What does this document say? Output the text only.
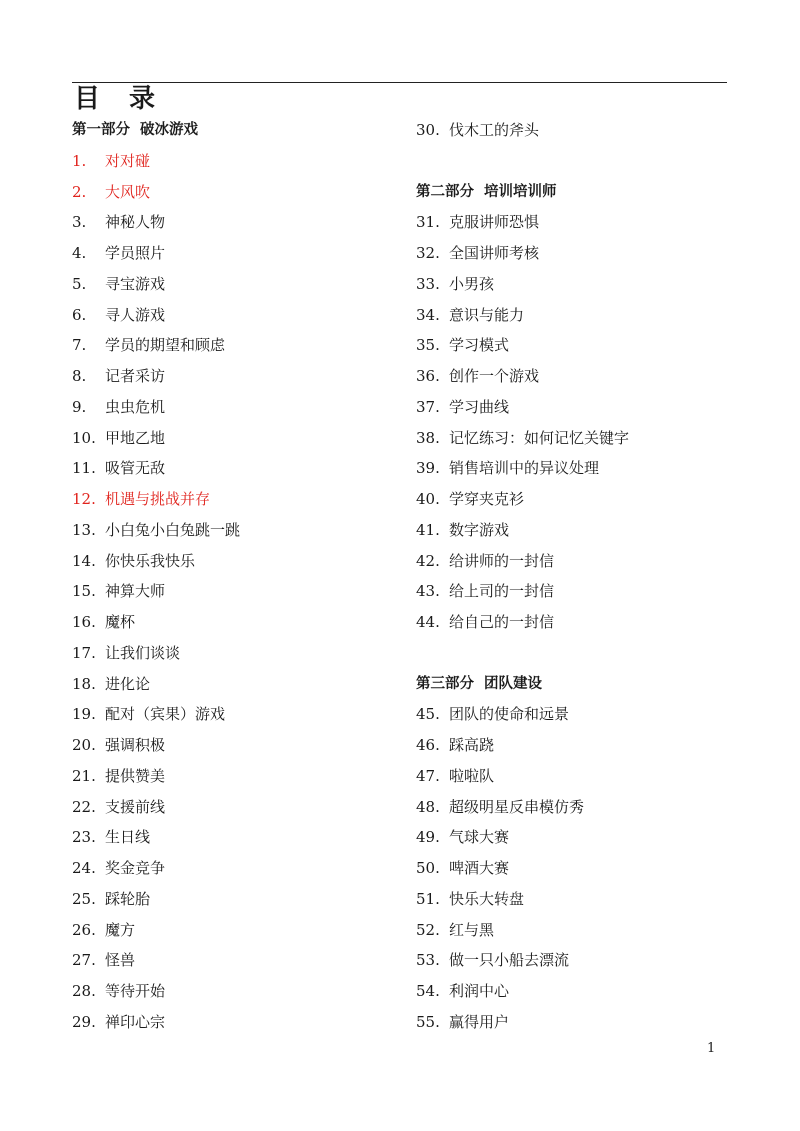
目 录
第一部分 破冰游戏
1.	对对碰
2.	大风吹
3.	神秘人物
4.	学员照片
5.	寻宝游戏
6.	寻人游戏
7.	学员的期望和顾虑
8.	记者采访
9.	虫虫危机
10. 甲地乙地
11. 吸管无敌
12. 机遇与挑战并存
13. 小白兔小白兔跳一跳
14. 你快乐我快乐
15. 神算大师
16. 魔杯
17. 让我们谈谈
18. 进化论
19. 配对（宾果）游戏
20. 强调积极
21. 提供赞美
22. 支援前线
23. 生日线
24. 奖金竞争
25. 踩轮胎
26. 魔方
27. 怪兽
28. 等待开始
29. 禅印心宗
30. 伐木工的斧头
第二部分 培训培训师
31. 克服讲师恐惧
32. 全国讲师考核
33. 小男孩
34. 意识与能力
35. 学习模式
36. 创作一个游戏
37. 学习曲线
38. 记忆练习：如何记忆关键字
39. 销售培训中的异议处理
40. 学穿夹克衫
41. 数字游戏
42. 给讲师的一封信
43. 给上司的一封信
44. 给自己的一封信
第三部分 团队建设
45. 团队的使命和远景
46. 踩高跷
47. 啦啦队
48. 超级明星反串模仿秀
49. 气球大赛
50. 啤酒大赛
51. 快乐大转盘
52. 红与黑
53. 做一只小船去漂流
54. 利润中心
55. 赢得用户
1
